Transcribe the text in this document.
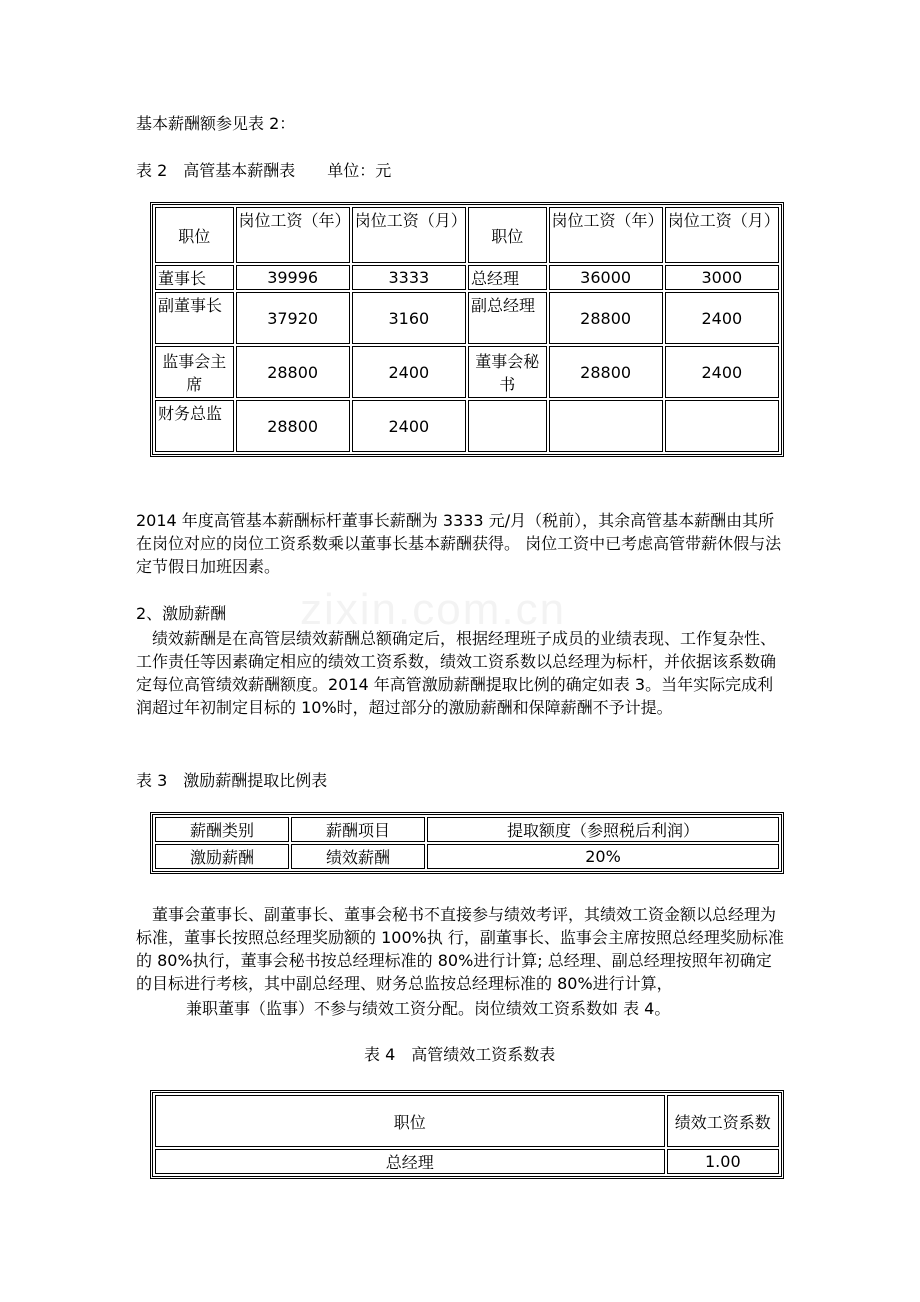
zixin.com.cn
基本薪酬额参见表 2：
表 2　高管基本薪酬表　　单位：元
职位	岗位工资（年）	岗位工资（月）	职位	岗位工资（年）	岗位工资（月）
董事长	39996	3333	总经理	36000	3000
副董事长	37920	3160	副总经理	28800	2400
监事会主席	28800	2400	董事会秘书	28800	2400
财务总监	28800	2400			
2014 年度高管基本薪酬标杆董事长薪酬为 3333 元/月（税前），其余高管基本薪酬由其所在岗位对应的岗位工资系数乘以董事长基本薪酬获得。 岗位工资中已考虑高管带薪休假与法定节假日加班因素。
2、激励薪酬
绩效薪酬是在高管层绩效薪酬总额确定后，根据经理班子成员的业绩表现、工作复杂性、工作责任等因素确定相应的绩效工资系数，绩效工资系数以总经理为标杆，并依据该系数确定每位高管绩效薪酬额度。2014 年高管激励薪酬提取比例的确定如表 3。当年实际完成利润超过年初制定目标的 10%时，超过部分的激励薪酬和保障薪酬不予计提。
表 3　激励薪酬提取比例表
薪酬类别	薪酬项目	提取额度（参照税后利润）
激励薪酬	绩效薪酬	20%
董事会董事长、副董事长、董事会秘书不直接参与绩效考评，其绩效工资金额以总经理为标准，董事长按照总经理奖励额的 100%执 行，副董事长、监事会主席按照总经理奖励标准的 80%执行，董事会秘书按总经理标准的 80%进行计算; 总经理、副总经理按照年初确定的目标进行考核，其中副总经理、财务总监按总经理标准的 80%进行计算，
兼职董事（监事）不参与绩效工资分配。岗位绩效工资系数如 表 4。
表 4　高管绩效工资系数表
职位	绩效工资系数
总经理	1.00
